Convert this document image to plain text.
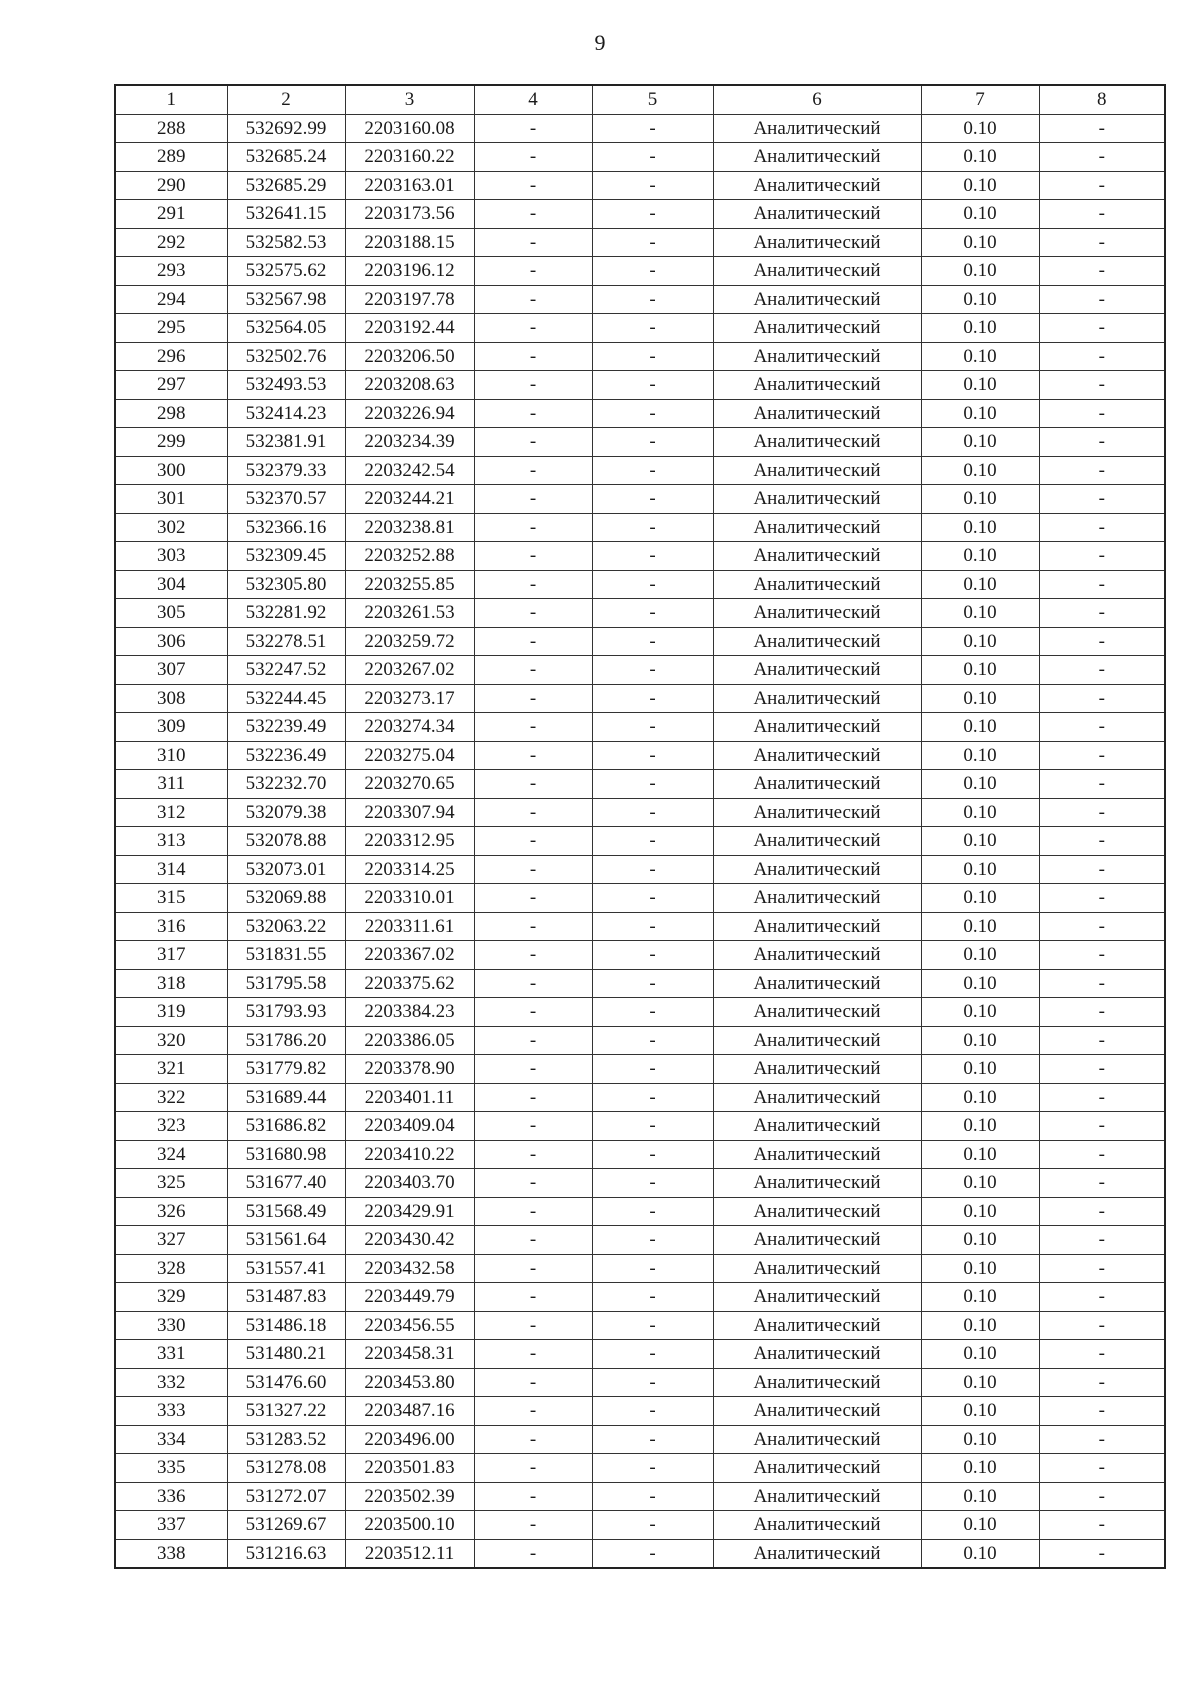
9
1	2	3	4	5	6	7	8
288	532692.99	2203160.08	-	-	Аналитический	0.10	-
289	532685.24	2203160.22	-	-	Аналитический	0.10	-
290	532685.29	2203163.01	-	-	Аналитический	0.10	-
291	532641.15	2203173.56	-	-	Аналитический	0.10	-
292	532582.53	2203188.15	-	-	Аналитический	0.10	-
293	532575.62	2203196.12	-	-	Аналитический	0.10	-
294	532567.98	2203197.78	-	-	Аналитический	0.10	-
295	532564.05	2203192.44	-	-	Аналитический	0.10	-
296	532502.76	2203206.50	-	-	Аналитический	0.10	-
297	532493.53	2203208.63	-	-	Аналитический	0.10	-
298	532414.23	2203226.94	-	-	Аналитический	0.10	-
299	532381.91	2203234.39	-	-	Аналитический	0.10	-
300	532379.33	2203242.54	-	-	Аналитический	0.10	-
301	532370.57	2203244.21	-	-	Аналитический	0.10	-
302	532366.16	2203238.81	-	-	Аналитический	0.10	-
303	532309.45	2203252.88	-	-	Аналитический	0.10	-
304	532305.80	2203255.85	-	-	Аналитический	0.10	-
305	532281.92	2203261.53	-	-	Аналитический	0.10	-
306	532278.51	2203259.72	-	-	Аналитический	0.10	-
307	532247.52	2203267.02	-	-	Аналитический	0.10	-
308	532244.45	2203273.17	-	-	Аналитический	0.10	-
309	532239.49	2203274.34	-	-	Аналитический	0.10	-
310	532236.49	2203275.04	-	-	Аналитический	0.10	-
311	532232.70	2203270.65	-	-	Аналитический	0.10	-
312	532079.38	2203307.94	-	-	Аналитический	0.10	-
313	532078.88	2203312.95	-	-	Аналитический	0.10	-
314	532073.01	2203314.25	-	-	Аналитический	0.10	-
315	532069.88	2203310.01	-	-	Аналитический	0.10	-
316	532063.22	2203311.61	-	-	Аналитический	0.10	-
317	531831.55	2203367.02	-	-	Аналитический	0.10	-
318	531795.58	2203375.62	-	-	Аналитический	0.10	-
319	531793.93	2203384.23	-	-	Аналитический	0.10	-
320	531786.20	2203386.05	-	-	Аналитический	0.10	-
321	531779.82	2203378.90	-	-	Аналитический	0.10	-
322	531689.44	2203401.11	-	-	Аналитический	0.10	-
323	531686.82	2203409.04	-	-	Аналитический	0.10	-
324	531680.98	2203410.22	-	-	Аналитический	0.10	-
325	531677.40	2203403.70	-	-	Аналитический	0.10	-
326	531568.49	2203429.91	-	-	Аналитический	0.10	-
327	531561.64	2203430.42	-	-	Аналитический	0.10	-
328	531557.41	2203432.58	-	-	Аналитический	0.10	-
329	531487.83	2203449.79	-	-	Аналитический	0.10	-
330	531486.18	2203456.55	-	-	Аналитический	0.10	-
331	531480.21	2203458.31	-	-	Аналитический	0.10	-
332	531476.60	2203453.80	-	-	Аналитический	0.10	-
333	531327.22	2203487.16	-	-	Аналитический	0.10	-
334	531283.52	2203496.00	-	-	Аналитический	0.10	-
335	531278.08	2203501.83	-	-	Аналитический	0.10	-
336	531272.07	2203502.39	-	-	Аналитический	0.10	-
337	531269.67	2203500.10	-	-	Аналитический	0.10	-
338	531216.63	2203512.11	-	-	Аналитический	0.10	-
